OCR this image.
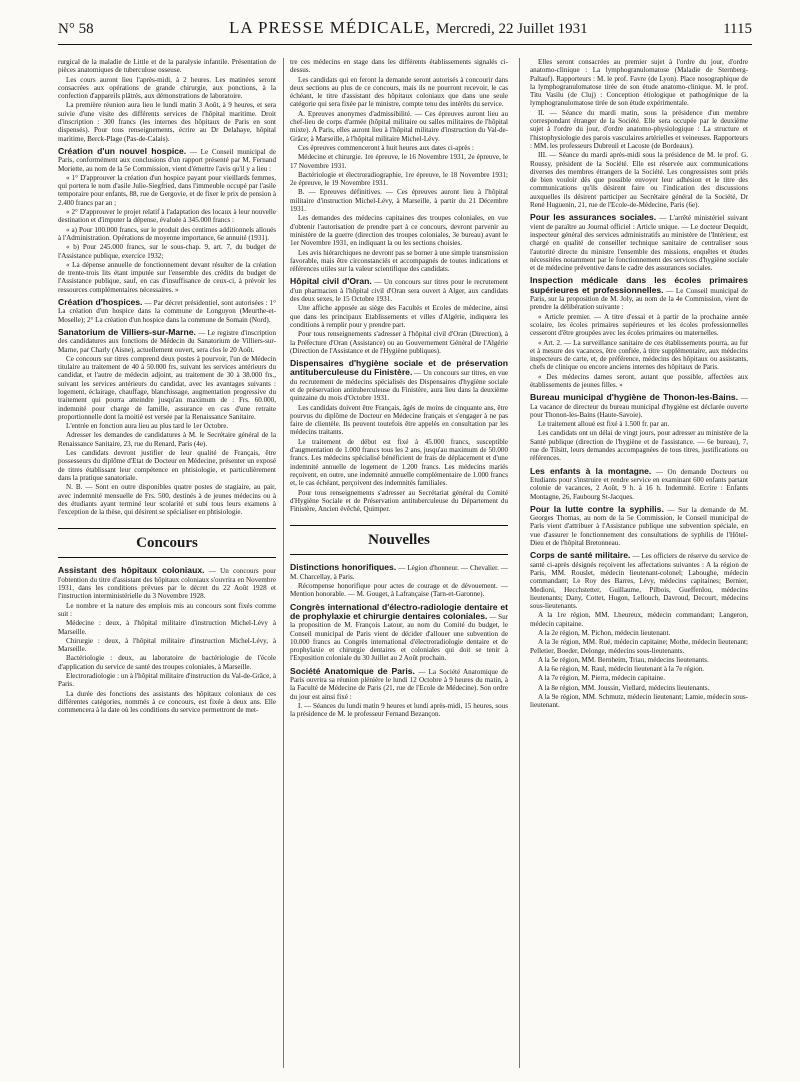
N° 58	LA PRESSE MÉDICALE, Mercredi, 22 Juillet 1931	1115

rurgical de la maladie de Little et de la paralysie infantile. Présentation de pièces anatomiques de tuberculose osseuse.

Les cours auront lieu l'après-midi, à 2 heures. Les matinées seront consacrées aux opérations de grande chirurgie, aux ponctions, à la confection d'appareils plâtrés, aux démonstrations de laboratoire.

La première réunion aura lieu le lundi matin 3 Août, à 9 heures, et sera suivie d'une visite des différents services de l'hôpital maritime. Droit d'inscription : 300 francs (les internes des hôpitaux de Paris en sont dispensés). Pour tous renseignements, écrire au Dr Delahaye, hôpital maritime, Berck-Plage (Pas-de-Calais).

Création d'un nouvel hospice. — Le Conseil municipal de Paris, conformément aux conclusions d'un rapport présenté par M. Fernand Moriette, au nom de la 5e Commission, vient d'émettre l'avis qu'il y a lieu :

« 1° D'approuver la création d'un hospice payant pour vieillards femmes, qui portera le nom d'asile Julie-Siegfried, dans l'immeuble occupé par l'asile temporaire pour enfants, 88, rue de Gergovie, et de fixer le prix de pension à 2.400 francs par an ;

« 2° D'approuver le projet relatif à l'adaptation des locaux à leur nouvelle destination et d'imputer la dépense, évaluée à 345.000 francs :

« a) Pour 100.000 francs, sur le produit des centimes additionnels alloués à l'Administration. Opérations de moyenne importance, 6e annuité (1931).

« b) Pour 245.000 francs, sur le sous-chap. 9, art. 7, du budget de l'Assistance publique, exercice 1932;

« La dépense annuelle de fonctionnement devant résulter de la création de trente-trois lits étant imputée sur l'ensemble des crédits du budget de l'Assistance publique, sauf, en cas d'insuffisance de ceux-ci, à prévoir les ressources complémentaires nécessaires. »

Création d'hospices. — Par décret présidentiel, sont autorisées : 1° La création d'un hospice dans la commune de Longuyon (Meurthe-et-Moselle); 2° La création d'un hospice dans la commune de Somain (Nord).

Sanatorium de Villiers-sur-Marne. — Le registre d'inscription des candidatures aux fonctions de Médecin du Sanatorium de Villiers-sur-Marne, par Charly (Aisne), actuellement ouvert, sera clos le 20 Août.

Ce concours sur titres comprend deux postes à pourvoir, l'un de Médecin titulaire au traitement de 40 à 50.000 frs, suivant les services antérieurs du candidat, et l'autre de médecin adjoint, au traitement de 30 à 38.000 frs., suivant les services antérieurs du candidat, avec les avantages suivants : logement, éclairage, chauffage, blanchissage, augmentation progressive du traitement qui pourra atteindre jusqu'au maximum de : Frs. 60.000, indemnité pour charge de famille, assurance en cas d'une retraite proportionnelle dont la moitié est versée par la Renaissance Sanitaire.

L'entrée en fonction aura lieu au plus tard le 1er Octobre.

Adresser les demandes de candidatures à M. le Secrétaire général de la Renaissance Sanitaire, 23, rue du Renard, Paris (4e).

Les candidats devront justifier de leur qualité de Français, être possesseurs du diplôme d'Etat de Docteur en Médecine, présenter un exposé de titres établissant leur compétence en phtisiologie, et particulièrement dans la pratique sanatoriale.

N. B. — Sont en outre disponibles quatre postes de stagiaire, au pair, avec indemnité mensuelle de Frs. 500, destinés à de jeunes médecins ou à des étudiants ayant terminé leur scolarité et subi tous leurs examens à l'exception de la thèse, qui désirent se spécialiser en phtisiologie.

Concours

Assistant des hôpitaux coloniaux. — Un concours pour l'obtention du titre d'assistant des hôpitaux coloniaux s'ouvrira en Novembre 1931, dans les conditions prévues par le décret du 22 Août 1928 et l'instruction interministérielle du 3 Novembre 1928.

Le nombre et la nature des emplois mis au concours sont fixés comme suit :

Médecine : deux, à l'hôpital militaire d'instruction Michel-Lévy à Marseille.

Chirurgie : deux, à l'hôpital militaire d'instruction Michel-Lévy, à Marseille.

Bactériologie : deux, au laboratoire de bactériologie de l'école d'application du service de santé des troupes coloniales, à Marseille.

Electroradiologie : un à l'hôpital militaire d'instruction du Val-de-Grâce, à Paris.

La durée des fonctions des assistants des hôpitaux coloniaux de ces différentes catégories, nommés à ce concours, est fixée à deux ans. Elle commencera à la date où les conditions du service permettront de met-

tre ces médecins en stage dans les différents établissements signalés ci-dessus.

Les candidats qui en feront la demande seront autorisés à concourir dans deux sections au plus de ce concours, mais ils ne pourront recevoir, le cas échéant, le titre d'assistant des hôpitaux coloniaux que dans une seule catégorie qui sera fixée par le ministre, compte tenu des intérêts du service.

A. Epreuves anonymes d'admissibilité. — Ces épreuves auront lieu au chef-lieu de corps d'armée (hôpital militaire ou salles militaires de l'hôpital mixte). A Paris, elles auront lieu à l'hôpital militaire d'instruction du Val-de-Grâce; à Marseille, à l'hôpital militaire Michel-Lévy.

Ces épreuves commenceront à huit heures aux dates ci-après :

Médecine et chirurgie. 1re épreuve, le 16 Novembre 1931, 2e épreuve, le 17 Novembre 1931.

Bactériologie et électroradiographie, 1re épreuve, le 18 Novembre 1931; 2e épreuve, le 19 Novembre 1931.

B. — Epreuves définitives. — Ces épreuves auront lieu à l'hôpital militaire d'instruction Michel-Lévy, à Marseille, à partir du 21 Décembre 1931.

Les demandes des médecins capitaines des troupes coloniales, en vue d'obtenir l'autorisation de prendre part à ce concours, devront parvenir au ministère de la guerre (direction des troupes coloniales, 3e bureau) avant le 1er Novembre 1931, en indiquant la ou les sections choisies.

Les avis hiérarchiques ne devront pas se borner à une simple transmission favorable, mais être circonstanciés et accompagnés de toutes indications et références utiles sur la valeur scientifique des candidats.

Hôpital civil d'Oran. — Un concours sur titres pour le recrutement d'un pharmacien à l'hôpital civil d'Oran sera ouvert à Alger, aux candidats des deux sexes, le 15 Octobre 1931.

Une affiche apposée au siège des Facultés et Ecoles de médecine, ainsi que dans les principaux Etablissements et villes d'Algérie, indiquera les conditions à remplir pour y prendre part.

Pour tous renseignements s'adresser à l'hôpital civil d'Oran (Direction), à la Préfecture d'Oran (Assistance) ou au Gouvernement Général de l'Algérie (Direction de l'Assistance et de l'Hygiène publiques).

Dispensaires d'hygiène sociale et de préservation antituberculeuse du Finistère. — Un concours sur titres, en vue du recrutement de médecins spécialisés des Dispensaires d'hygiène sociale et de préservation antituberculeuse du Finistère, aura lieu dans la deuxième quinzaine du mois d'Octobre 1931.

Les candidats doivent être Français, âgés de moins de cinquante ans, être pourvus du diplôme de Docteur en Médecine français et s'engager à ne pas faire de clientèle. Ils peuvent toutefois être appelés en consultation par les médecins traitants.

Le traitement de début est fixé à 45.000 francs, susceptible d'augmentation de 1.000 francs tous les 2 ans, jusqu'au maximum de 50.000 francs. Les médecins spécialisé bénéficient de frais de déplacement et d'une indemnité annuelle de logement de 1.200 francs. Les médecins mariés reçoivent, en outre, une indemnité annuelle complémentaire de 1.000 francs et, le cas échéant, perçoivent des indemnités familiales.

Pour tous renseignements s'adresser au Secrétariat général du Comité d'Hygiène Sociale et de Préservation antituberculeuse du Département du Finistère, Ancien évêché, Quimper.

Nouvelles

Distinctions honorifiques. — Légion d'honneur. — Chevalier. — M. Charcellay, à Paris.

Récompense honorifique pour actes de courage et de dévouement. — Mention honorable. — M. Gouget, à Lafrançaise (Tarn-et-Garonne).

Congrès international d'électro-radiologie dentaire et de prophylaxie et chirurgie dentaires coloniales. — Sur la proposition de M. François Latour, au nom du Comité du budget, le Conseil municipal de Paris vient de décider d'allouer une subvention de 10.000 francs au Congrès international d'électroradiologie dentaire et de prophylaxie et chirurgie dentaires et coloniales qui doit se tenir à l'Exposition coloniale du 30 Juillet au 2 Août prochain.

Société Anatomique de Paris. — La Société Anatomique de Paris ouvrira sa réunion plénière le lundi 12 Octobre à 9 heures du matin, à la Faculté de Médecine de Paris (21, rue de l'Ecole de Médecine). Son ordre du jour est ainsi fixé :

I. — Séances du lundi matin 9 heures et lundi après-midi, 15 heures, sous la présidence de M. le professeur Fernand Bezançon.

Elles seront consacrées au premier sujet à l'ordre du jour, d'ordre anatomo-clinique : La lymphogranulomatose (Maladie de Sternberg-Paltauf). Rapporteurs : M. le prof. Favre (de Lyon). Place nosographique de la lymphogranulomatose tirée de son étude anatomo-clinique. M. le prof. Titu Vasilu (de Cluj) : Conception étiologique et pathogénique de la lymphogranulomatose tirée de son étude expérimentale.

II. — Séance du mardi matin, sous la présidence d'un membre correspondant étranger de la Société. Elle sera occupée par le deuxième sujet à l'ordre du jour, d'ordre anatomo-physiologique : La structure et l'histophysiologie des parois vasculaires artérielles et veineuses. Rapporteurs : MM. les professeurs Dubreuil et Lacoste (de Bordeaux).

III. — Séance du mardi après-midi sous la présidence de M. le prof. G. Roussy, président de la Société. Elle est réservée aux communications diverses des membres étrangers de la Société. Les congressistes sont priés de bien vouloir dès que possible envoyer leur adhésion et le titre des communications qu'ils désirent faire ou l'indication des discussions auxquelles ils désirent participer au Secrétaire général de la Société, Dr René Huguenin, 21, rue de l'Ecole-de-Médecine, Paris (6e).

Pour les assurances sociales. — L'arrêté ministériel suivant vient de paraître au Journal officiel : Article unique. — Le docteur Dequidt, inspecteur général des services administratifs au ministère de l'Intérieur, est chargé en qualité de conseiller technique sanitaire de centraliser sous l'autorité directe du ministre l'ensemble des missions, enquêtes et études nécessitées notamment par le fonctionnement des services d'hygiène sociale et de médecine préventive dans le cadre des assurances sociales.

Inspection médicale dans les écoles primaires supérieures et professionnelles. — Le Conseil municipal de Paris, sur la proposition de M. Joly, au nom de la 4e Commission, vient de prendre la délibération suivante :

« Article premier. — A titre d'essai et à partir de la prochaine année scolaire, les écoles primaires supérieures et les écoles professionnelles cesseront d'être groupées avec les écoles primaires ou maternelles.

« Art. 2. — La surveillance sanitaire de ces établissements pourra, au fur et à mesure des vacances, être confiée, à titre supplémentaire, aux médecins inspecteurs de carte, et, de préférence, médecins des hôpitaux ou assistants, chefs de clinique ou encore anciens internes des hôpitaux de Paris.

« Des médecins dames seront, autant que possible, affectées aux établissements de jeunes filles. »

Bureau municipal d'hygiène de Thonon-les-Bains. — La vacance de directeur du bureau municipal d'hygiène est déclarée ouverte pour Thonon-les-Bains (Haute-Savoie).

Le traitement alloué est fixé à 1.500 fr. par an.

Les candidats ont un délai de vingt jours, pour adresser au ministère de la Santé publique (direction de l'hygiène et de l'assistance. — 6e bureau), 7, rue de Tilsitt, leurs demandes accompagnées de tous titres, justifications ou références.

Les enfants à la montagne. — On demande Docteurs ou Etudiants pour s'instruire et rendre service en examinant 600 enfants partant colonie de vacances, 2 Août, 9 h. à 16 h. Indemnité. Ecrire : Enfants Montagne, 26, Faubourg St-Jacques.

Pour la lutte contre la syphilis. — Sur la demande de M. Georges Thomas, au nom de la 5e Commission, le Conseil municipal de Paris vient d'attribuer à l'Assistance publique une subvention spéciale, en vue d'assurer le fonctionnement des consultations de syphilis de l'Hôtel-Dieu et de l'hôpital Bretonneau.

Corps de santé militaire. — Les officiers de réserve du service de santé ci-après désignés reçoivent les affectations suivantes : A la région de Paris, MM. Rouslet, médecin lieutenant-colonel; Laboughe, médecin commandant; Le Roy des Barres, Lévy, médecins capitaines; Bernier, Medioni, Hecchstetter, Guillaume, Pilbois, Gueffenlou, médecins lieutenants; Dany, Cottet, Hugon, Lellouch, Davroud, Decourt, médecins sous-lieutenants.

A la 1re région, MM. Lheureux, médecin commandant; Langeron, médecin capitaine.

A la 2e région, M. Pichon, médecin lieutenant.

A la 3e région, MM. Rué, médecin capitaine; Mothe, médecin lieutenant; Pelletier, Boeder, Delonge, médecins sous-lieutenants.

A la 5e région, MM. Bernheim, Triau, médecins lieutenants.

A la 6e région, M. Raul, médecin lieutenant à la 7e région.

A la 7e région, M. Pierra, médecin capitaine.

A la 8e région, MM. Joussin, Viellard, médecins lieutenants.

A la 9e région, MM. Schmutz, médecin lieutenant; Lamie, médecin sous-lieutenant.
